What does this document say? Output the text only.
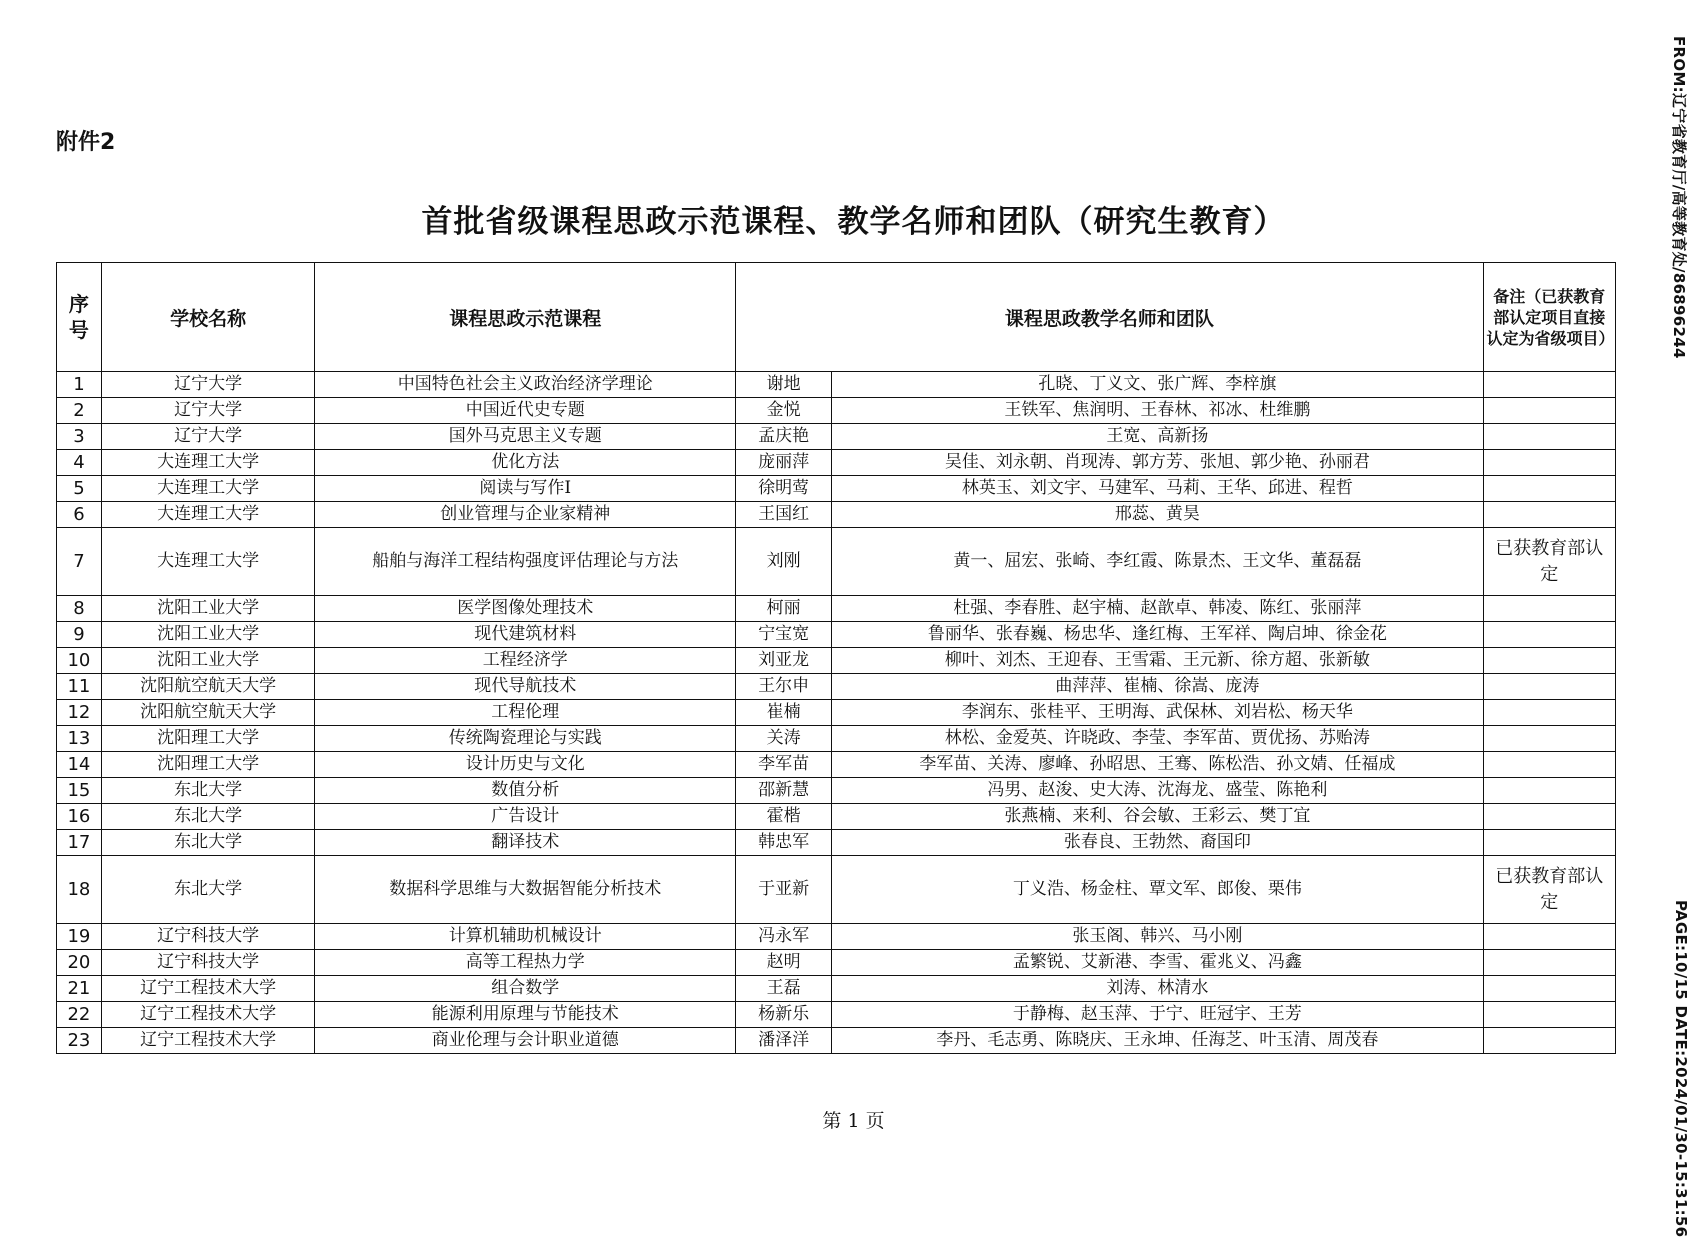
附件2
首批省级课程思政示范课程、教学名师和团队（研究生教育）
序号	学校名称	课程思政示范课程	课程思政教学名师和团队		备注（已获教育部认定项目直接认定为省级项目）
1	辽宁大学	中国特色社会主义政治经济学理论	谢地	孔晓、丁义文、张广辉、李梓旗	
2	辽宁大学	中国近代史专题	金悦	王铁军、焦润明、王春林、祁冰、杜维鹏	
3	辽宁大学	国外马克思主义专题	孟庆艳	王宽、高新扬	
4	大连理工大学	优化方法	庞丽萍	吴佳、刘永朝、肖现涛、郭方芳、张旭、郭少艳、孙丽君	
5	大连理工大学	阅读与写作I	徐明莺	林英玉、刘文宇、马建军、马莉、王华、邱进、程哲	
6	大连理工大学	创业管理与企业家精神	王国红	邢蕊、黄昊	
7	大连理工大学	船舶与海洋工程结构强度评估理论与方法	刘刚	黄一、屈宏、张崎、李红霞、陈景杰、王文华、董磊磊	已获教育部认定
8	沈阳工业大学	医学图像处理技术	柯丽	杜强、李春胜、赵宇楠、赵歆卓、韩凌、陈红、张丽萍	
9	沈阳工业大学	现代建筑材料	宁宝宽	鲁丽华、张春巍、杨忠华、逢红梅、王军祥、陶启坤、徐金花	
10	沈阳工业大学	工程经济学	刘亚龙	柳叶、刘杰、王迎春、王雪霜、王元新、徐方超、张新敏	
11	沈阳航空航天大学	现代导航技术	王尔申	曲萍萍、崔楠、徐嵩、庞涛	
12	沈阳航空航天大学	工程伦理	崔楠	李润东、张桂平、王明海、武保林、刘岩松、杨天华	
13	沈阳理工大学	传统陶瓷理论与实践	关涛	林松、金爱英、许晓政、李莹、李军苗、贾优扬、苏贻涛	
14	沈阳理工大学	设计历史与文化	李军苗	李军苗、关涛、廖峰、孙昭思、王骞、陈松浩、孙文婧、任福成	
15	东北大学	数值分析	邵新慧	冯男、赵浚、史大涛、沈海龙、盛莹、陈艳利	
16	东北大学	广告设计	霍楷	张燕楠、来利、谷会敏、王彩云、樊丁宜	
17	东北大学	翻译技术	韩忠军	张春良、王勃然、裔国印	
18	东北大学	数据科学思维与大数据智能分析技术	于亚新	丁义浩、杨金柱、覃文军、郎俊、栗伟	已获教育部认定
19	辽宁科技大学	计算机辅助机械设计	冯永军	张玉阁、韩兴、马小刚	
20	辽宁科技大学	高等工程热力学	赵明	孟繁锐、艾新港、李雪、霍兆义、冯鑫	
21	辽宁工程技术大学	组合数学	王磊	刘涛、林清水	
22	辽宁工程技术大学	能源利用原理与节能技术	杨新乐	于静梅、赵玉萍、于宁、旺冠宇、王芳	
23	辽宁工程技术大学	商业伦理与会计职业道德	潘泽洋	李丹、毛志勇、陈晓庆、王永坤、任海芝、叶玉清、周茂春	
第 1 页
FROM:辽宁省教育厅/高等教育处/86896244
PAGE:10/15 DATE:2024/01/30-15:31:56
